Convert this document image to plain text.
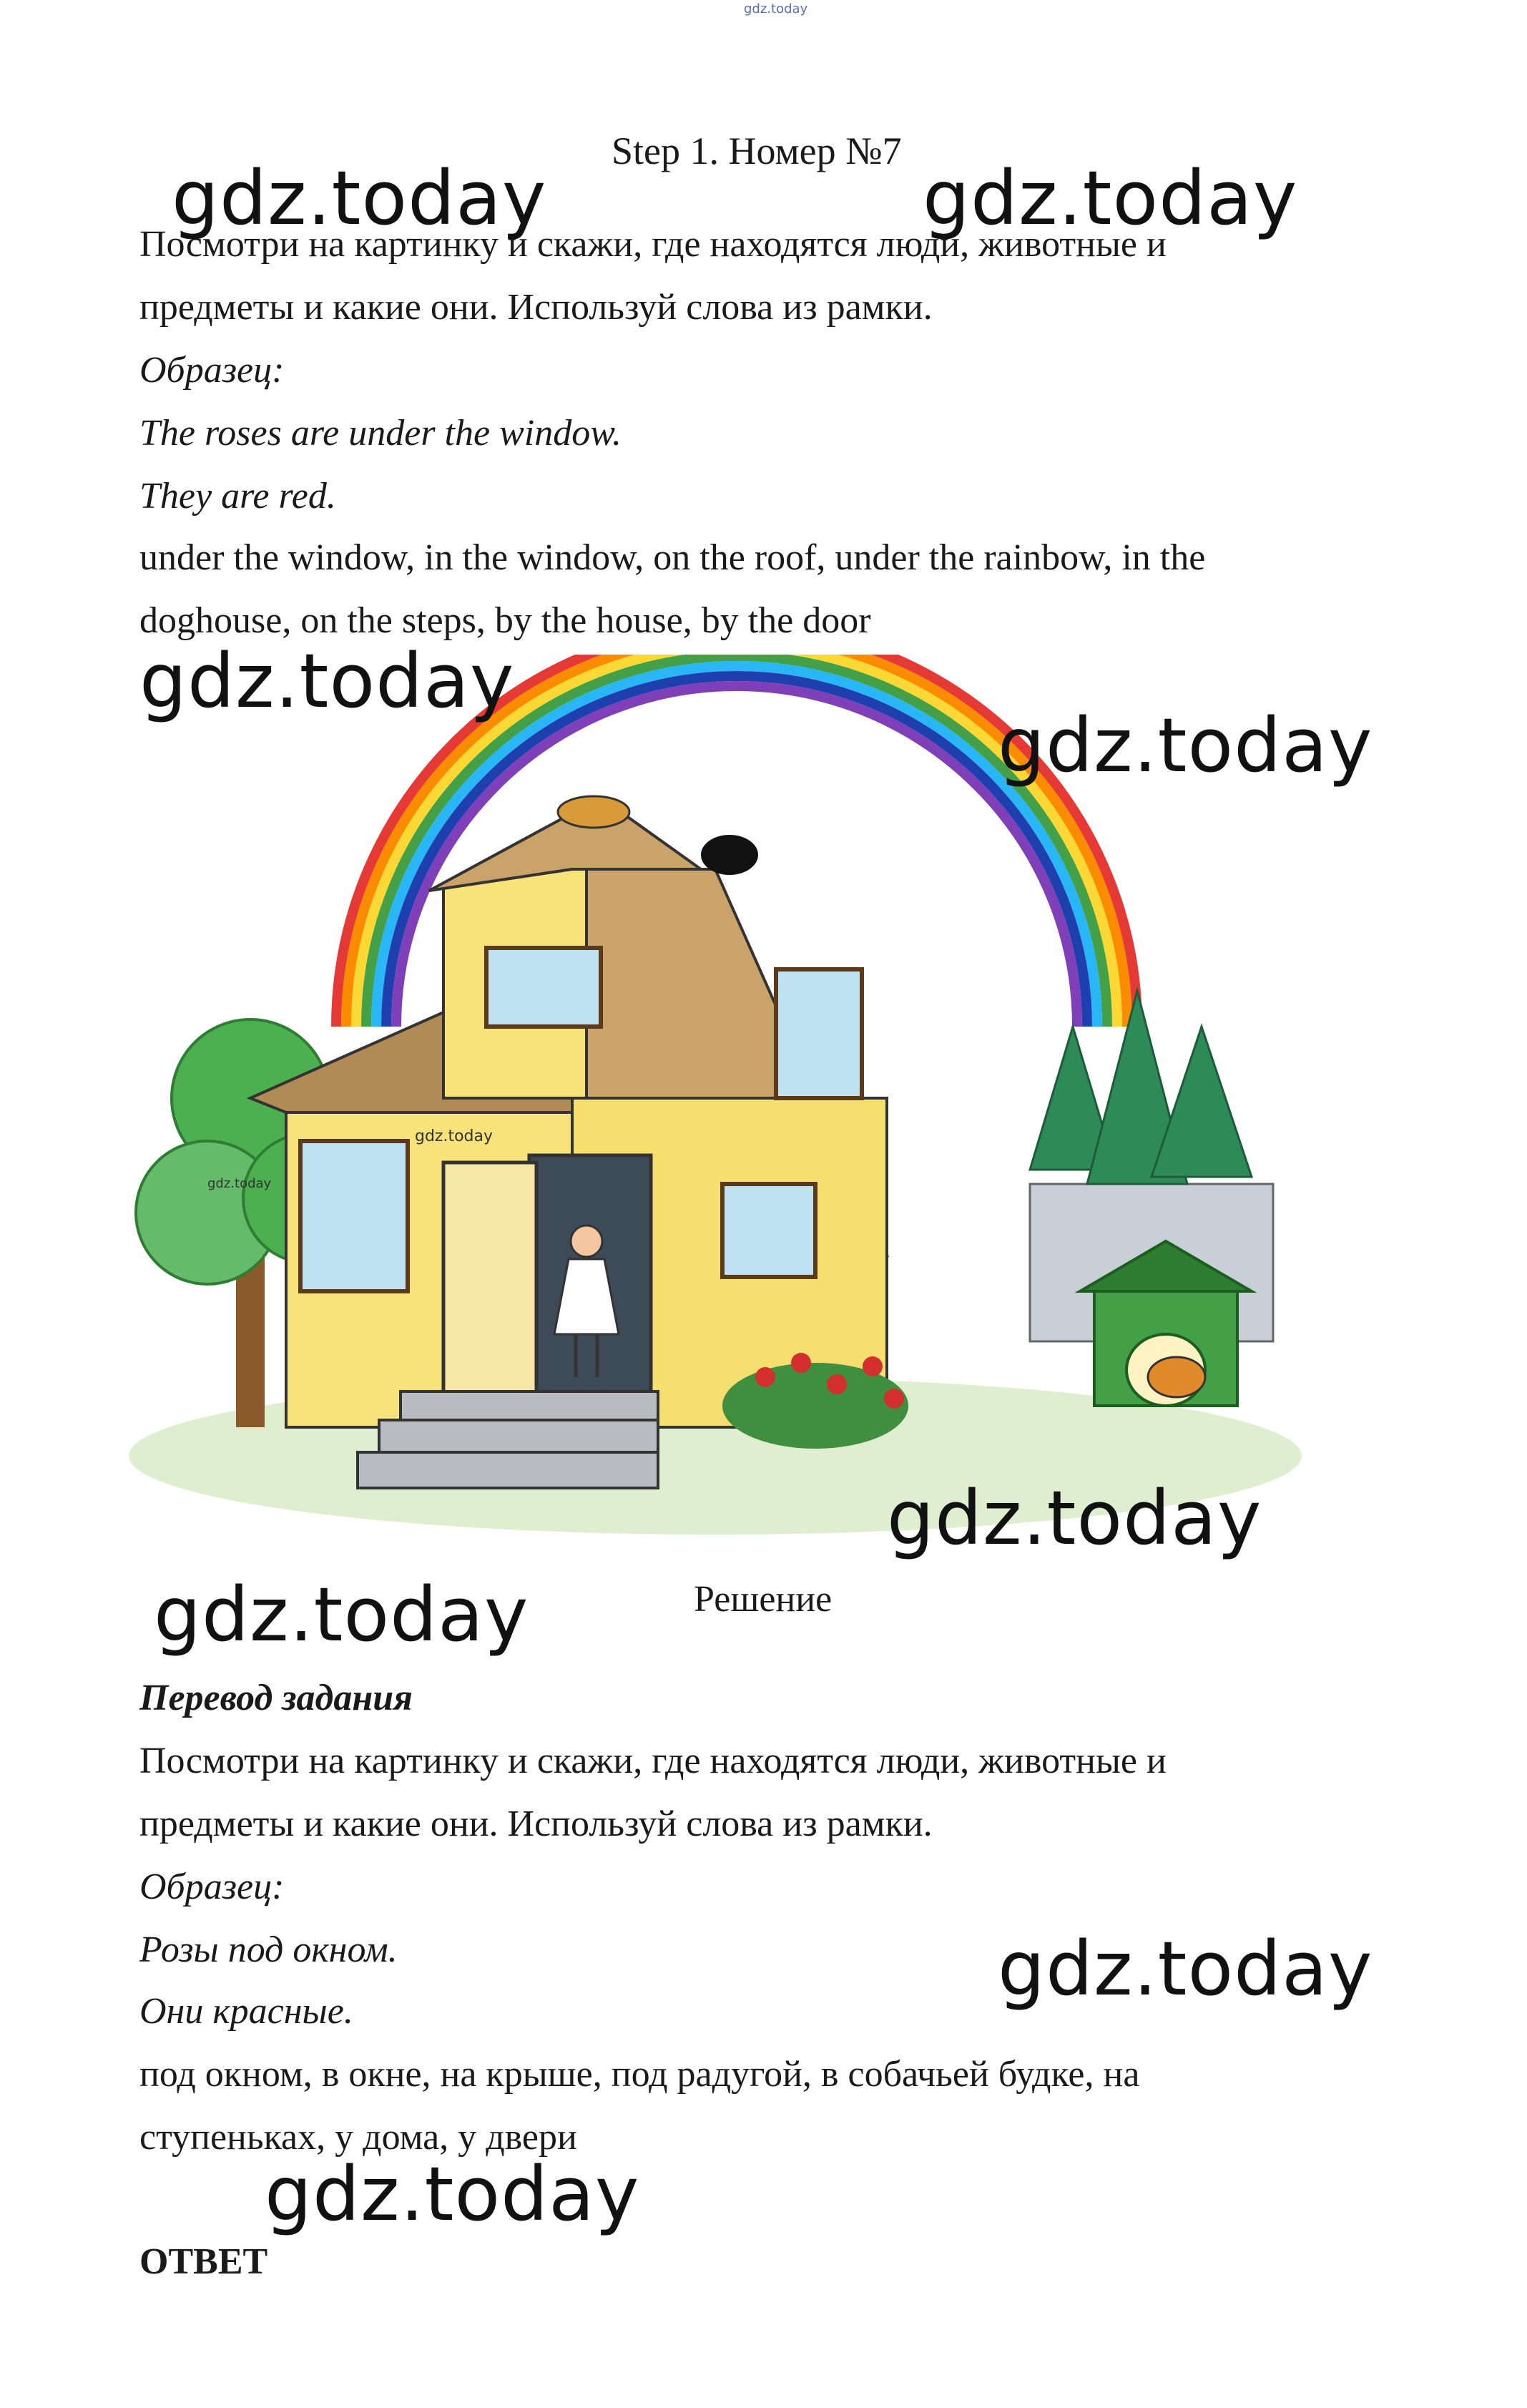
gdz.today
Step 1. Номер №7
Посмотри на картинку и скажи, где находятся люди, животные и
предметы и какие они. Используй слова из рамки.
Образец:
The roses are under the window.
They are red.
under the window, in the window, on the roof, under the rainbow, in the
doghouse, on the steps, by the house, by the door
gdz.today
gdz.today
Решение
Перевод задания
Посмотри на картинку и скажи, где находятся люди, животные и
предметы и какие они. Используй слова из рамки.
Образец:
Розы под окном.
Они красные.
под окном, в окне, на крыше, под радугой, в собачьей будке, на
ступеньках, у дома, у двери
ОТВЕТ
gdz.today	gdz.today
gdz.today
gdz.today
gdz.today
gdz.today
gdz.today
gdz.today
